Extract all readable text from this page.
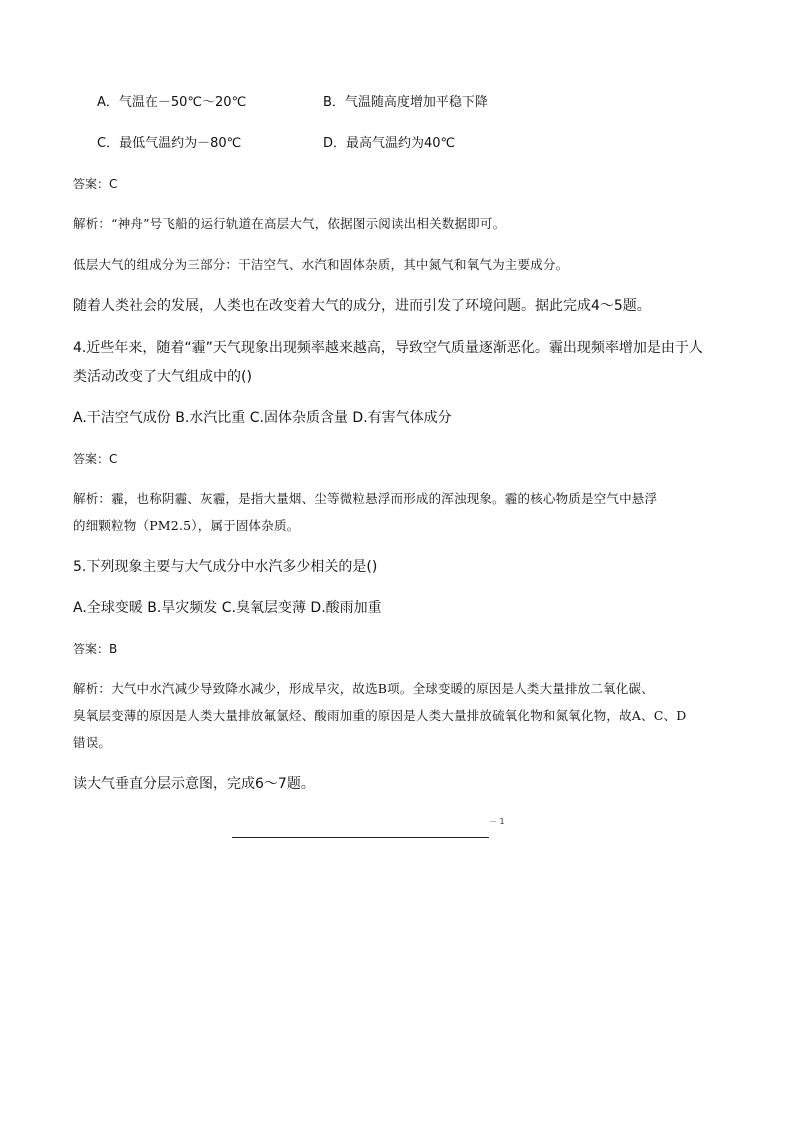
A．气温在－50℃～20℃	B．气温随高度增加平稳下降
C．最低气温约为－80℃	D．最高气温约为40℃
答案：C
解析：“神舟”号飞船的运行轨道在高层大气，依据图示阅读出相关数据即可。
低层大气的组成分为三部分：干洁空气、水汽和固体杂质，其中氮气和氧气为主要成分。
随着人类社会的发展，人类也在改变着大气的成分，进而引发了环境问题。据此完成4～5题。
4.近些年来，随着“霾”天气现象出现频率越来越高，导致空气质量逐渐恶化。霾出现频率增加是由于人
类活动改变了大气组成中的()
A.干洁空气成份 B.水汽比重 C.固体杂质含量 D.有害气体成分
答案：C
解析：霾，也称阴霾、灰霾，是指大量烟、尘等微粒悬浮而形成的浑浊现象。霾的核心物质是空气中悬浮
的细颗粒物（PM2.5），属于固体杂质。
5.下列现象主要与大气成分中水汽多少相关的是()
A.全球变暖 B.旱灾频发 C.臭氧层变薄 D.酸雨加重
答案：B
解析：大气中水汽减少导致降水减少，形成旱灾，故选B项。全球变暖的原因是人类大量排放二氧化碳、
臭氧层变薄的原因是人类大量排放氟氯烃、酸雨加重的原因是人类大量排放硫氧化物和氮氧化物，故A、C、D
错误。
读大气垂直分层示意图，完成6～7题。
－ 1
